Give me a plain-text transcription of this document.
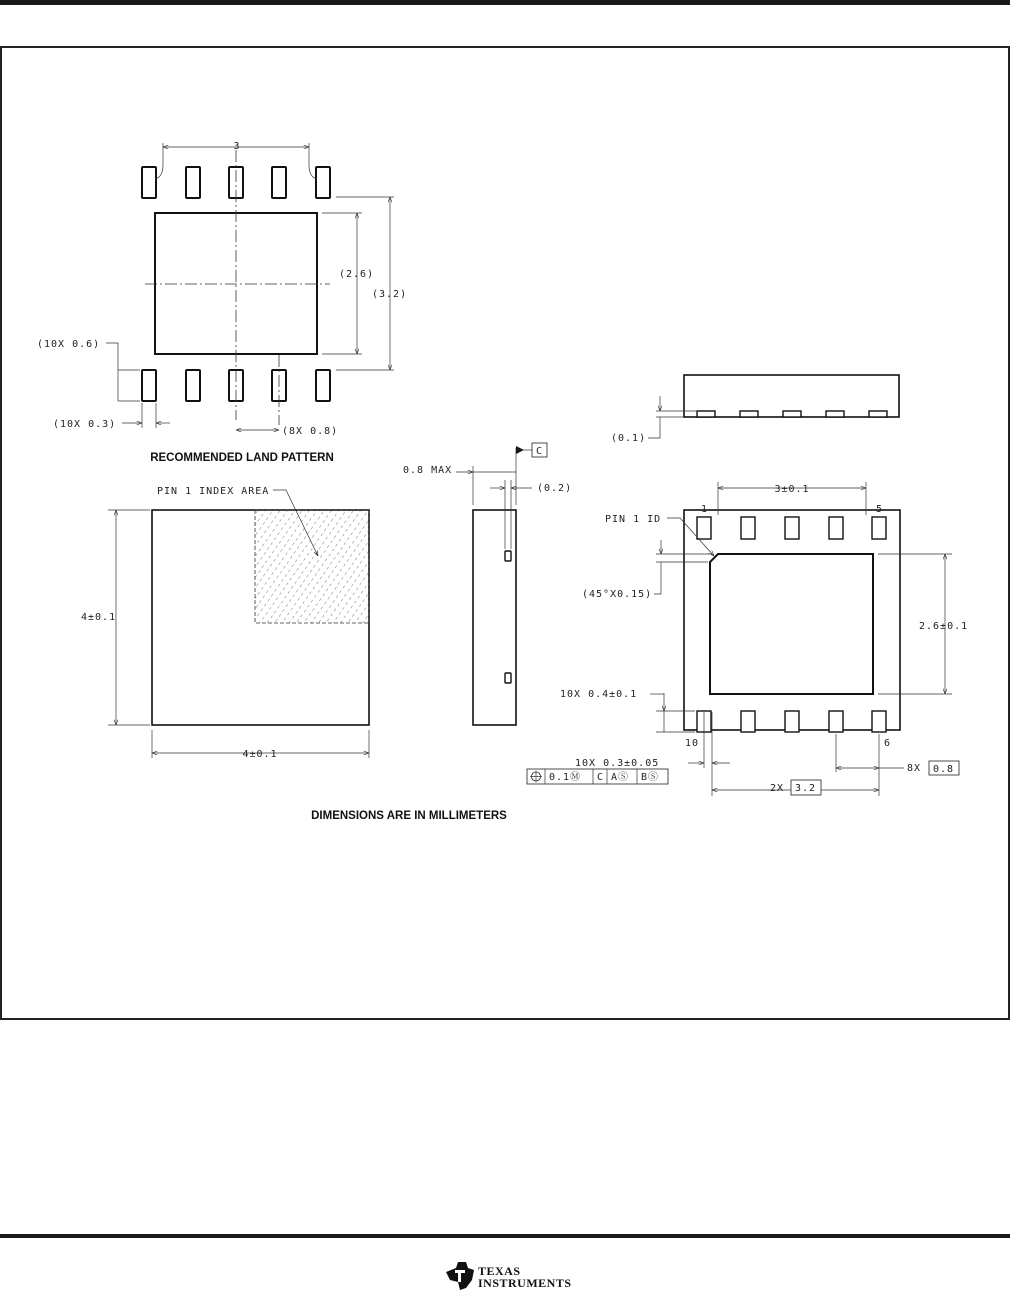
3
(2.6)
(3.2)
(10X 0.6)
(10X 0.3)
(8X 0.8)
RECOMMENDED LAND PATTERN
PIN 1 INDEX AREA
4±0.1
4±0.1
0.8 MAX
C
(0.2)
(0.1)
1	5
10	6
3±0.1
PIN 1 ID
(45°X0.15)
2.6±0.1
10X 0.4±0.1
10X 0.3±0.05
0.1Ⓜ C AⓈ BⓈ
8X 0.8
2X 3.2
DIMENSIONS ARE IN MILLIMETERS
TEXAS
INSTRUMENTS
